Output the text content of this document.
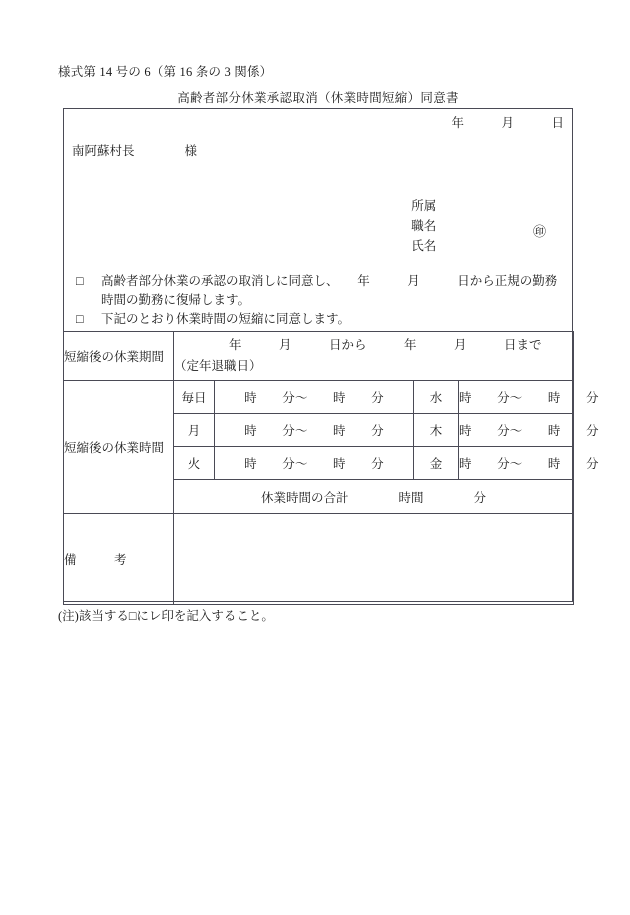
様式第 14 号の 6（第 16 条の 3 関係）
高齢者部分休業承認取消（休業時間短縮）同意書
年　　　月　　　日
南阿蘇村長　　　　様

所属

職名

氏名

㊞

□ 高齢者部分休業の承認の取消しに同意し、　　年　　　月　　　日から正規の勤務時間の勤務に復帰します。
□ 下記のとおり休業時間の短縮に同意します。
短縮後の休業期間	年　　　月　　　日から　　　年　　　月　　　日まで
（定年退職日）			

短縮後の休業時間	毎日	時　　分〜　　時　　分	水	時　　分〜　　時　　分
	月	時　　分〜　　時　　分	木	時　　分〜　　時　　分
	火	時　　分〜　　時　　分	金	時　　分〜　　時　　分
	休業時間の合計　　　　時間　　　　分			
備　　　考				
(注)該当する□にレ印を記入すること。
